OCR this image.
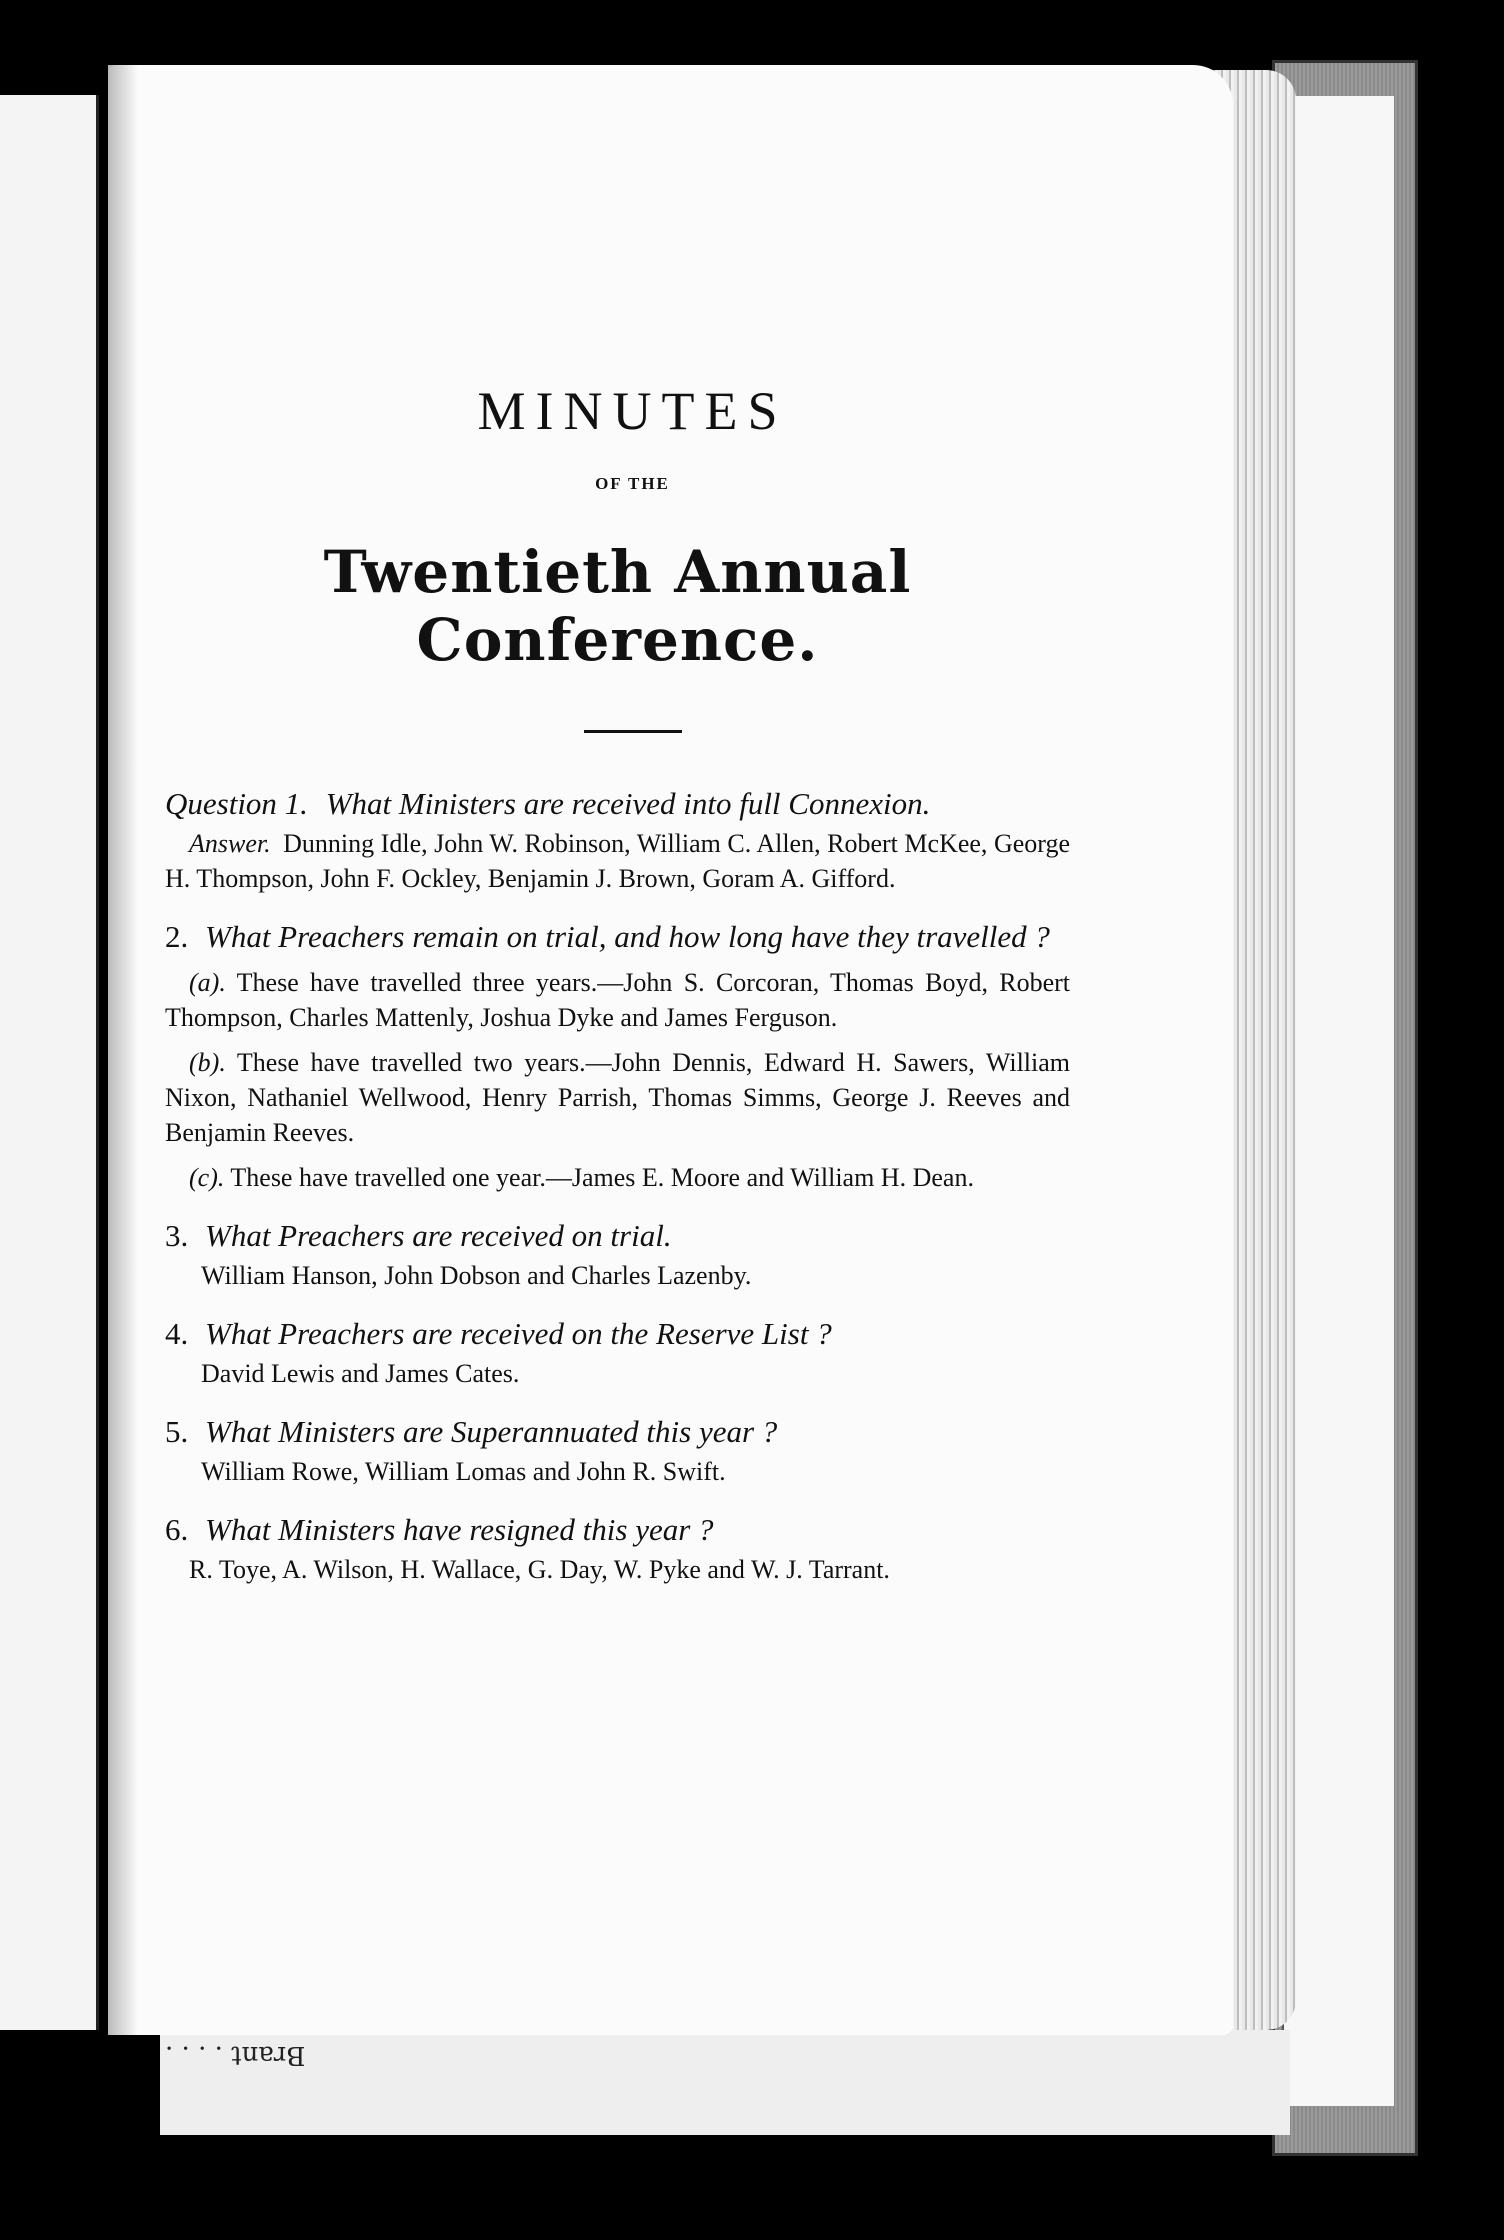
Brant . . . .
MINUTES
OF THE
Twentieth Annual Conference.
Question 1. What Ministers are received into full Connexion.
Answer. Dunning Idle, John W. Robinson, William C. Allen, Robert McKee, George H. Thompson, John F. Ockley, Benjamin J. Brown, Goram A. Gifford.
2. What Preachers remain on trial, and how long have they travelled ?
(a). These have travelled three years.—John S. Corcoran, Thomas Boyd, Robert Thompson, Charles Mattenly, Joshua Dyke and James Ferguson.
(b). These have travelled two years.—John Dennis, Edward H. Sawers, William Nixon, Nathaniel Wellwood, Henry Parrish, Thomas Simms, George J. Reeves and Benjamin Reeves.
(c). These have travelled one year.—James E. Moore and William H. Dean.
3. What Preachers are received on trial.
William Hanson, John Dobson and Charles Lazenby.
4. What Preachers are received on the Reserve List ?
David Lewis and James Cates.
5. What Ministers are Superannuated this year ?
William Rowe, William Lomas and John R. Swift.
6. What Ministers have resigned this year ?
R. Toye, A. Wilson, H. Wallace, G. Day, W. Pyke and W. J. Tarrant.
